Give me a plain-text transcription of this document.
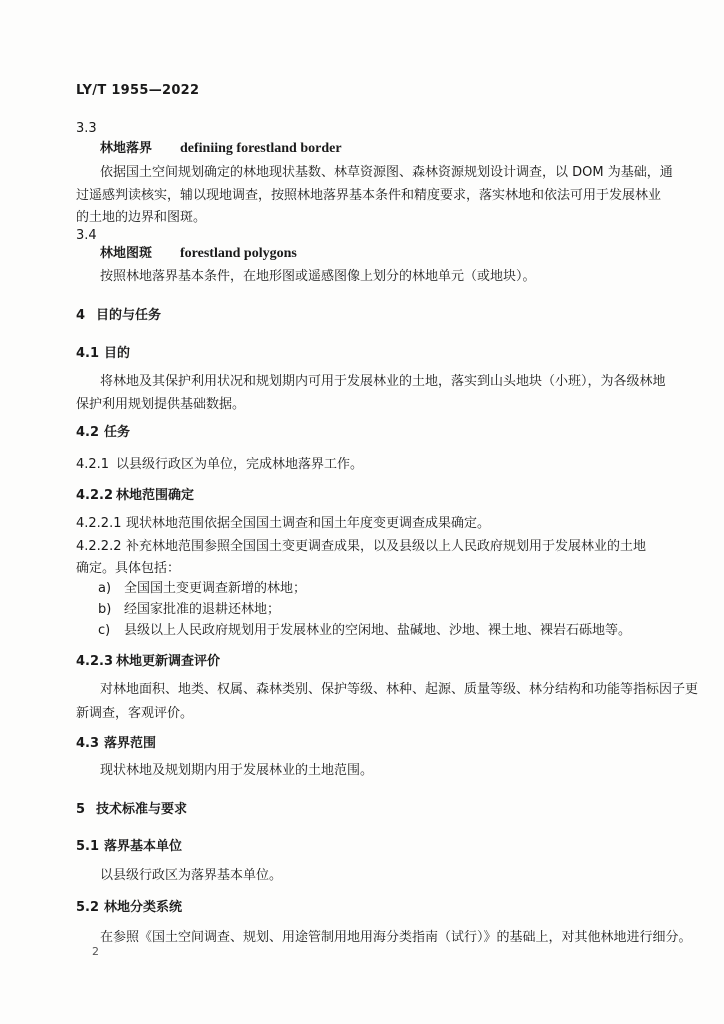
LY/T 1955—2022
3.3
林地落界 definiing forestland border
依据国土空间规划确定的林地现状基数、林草资源图、森林资源规划设计调查，以 DOM 为基础，通
过遥感判读核实，辅以现地调查，按照林地落界基本条件和精度要求，落实林地和依法可用于发展林业
的土地的边界和图斑。
3.4
林地图斑 forestland polygons
按照林地落界基本条件，在地形图或遥感图像上划分的林地单元（或地块）。
4 目的与任务
4.1 目的
将林地及其保护利用状况和规划期内可用于发展林业的土地，落实到山头地块（小班），为各级林地
保护利用规划提供基础数据。
4.2 任务
4.2.1 以县级行政区为单位，完成林地落界工作。
4.2.2 林地范围确定
4.2.2.1 现状林地范围依据全国国土调查和国土年度变更调查成果确定。
4.2.2.2 补充林地范围参照全国国土变更调查成果，以及县级以上人民政府规划用于发展林业的土地
确定。具体包括：
a) 全国国土变更调查新增的林地；
b) 经国家批准的退耕还林地；
c) 县级以上人民政府规划用于发展林业的空闲地、盐碱地、沙地、裸土地、裸岩石砾地等。
4.2.3 林地更新调查评价
对林地面积、地类、权属、森林类别、保护等级、林种、起源、质量等级、林分结构和功能等指标因子更
新调查，客观评价。
4.3 落界范围
现状林地及规划期内用于发展林业的土地范围。
5 技术标准与要求
5.1 落界基本单位
以县级行政区为落界基本单位。
5.2 林地分类系统
在参照《国土空间调查、规划、用途管制用地用海分类指南（试行）》的基础上，对其他林地进行细分。
2
